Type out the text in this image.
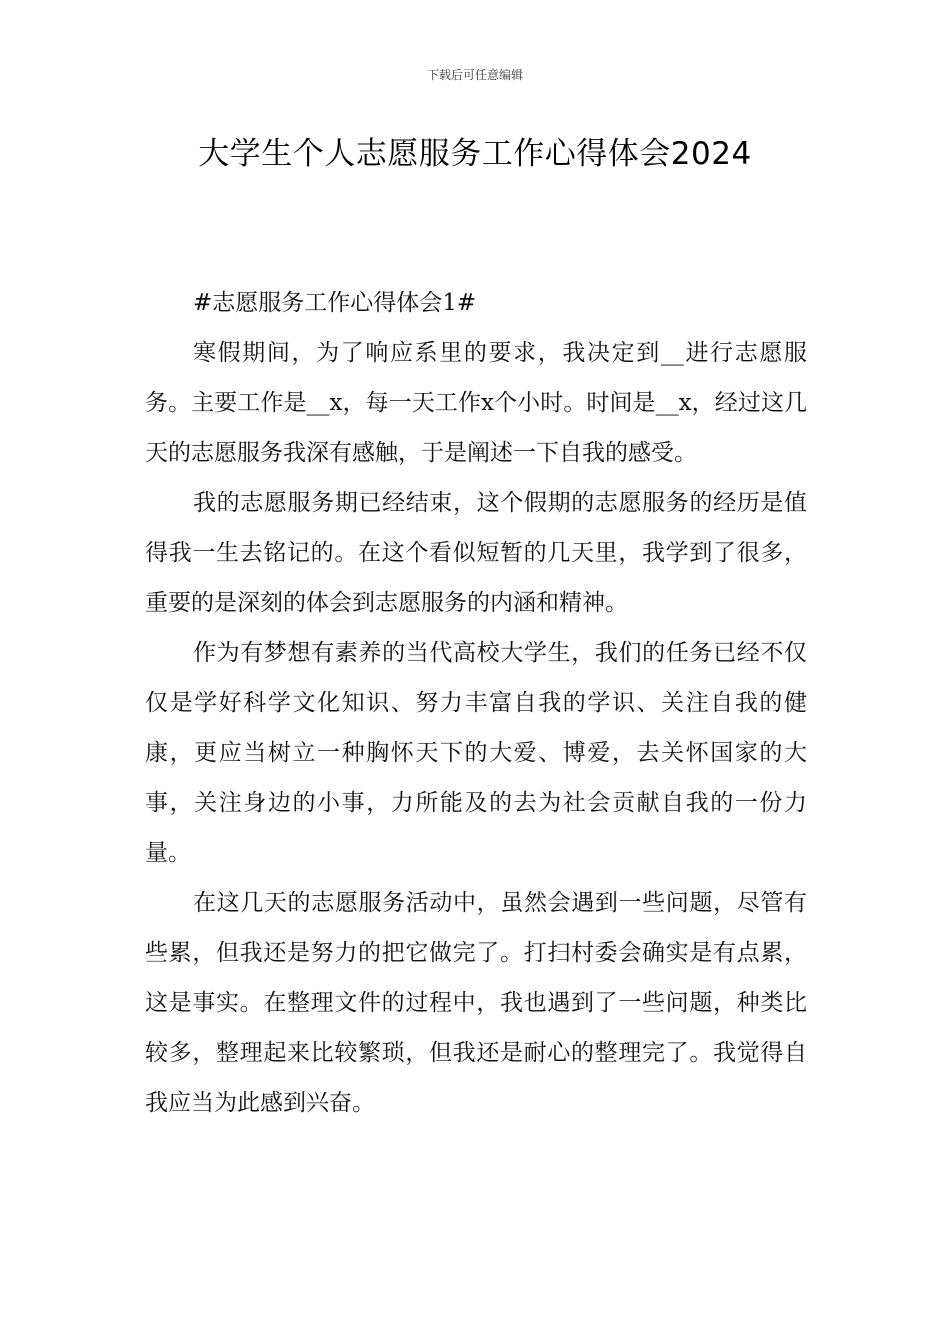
下载后可任意编辑
大学生个人志愿服务工作心得体会2024

#志愿服务工作心得体会1#

寒假期间，为了响应系里的要求，我决定到__进行志愿服务。主要工作是__x，每一天工作x个小时。时间是__x，经过这几天的志愿服务我深有感触，于是阐述一下自我的感受。

我的志愿服务期已经结束，这个假期的志愿服务的经历是值得我一生去铭记的。在这个看似短暂的几天里，我学到了很多，重要的是深刻的体会到志愿服务的内涵和精神。

作为有梦想有素养的当代高校大学生，我们的任务已经不仅仅是学好科学文化知识、努力丰富自我的学识、关注自我的健康，更应当树立一种胸怀天下的大爱、博爱，去关怀国家的大事，关注身边的小事，力所能及的去为社会贡献自我的一份力量。

在这几天的志愿服务活动中，虽然会遇到一些问题，尽管有些累，但我还是努力的把它做完了。打扫村委会确实是有点累，这是事实。在整理文件的过程中，我也遇到了一些问题，种类比较多，整理起来比较繁琐，但我还是耐心的整理完了。我觉得自我应当为此感到兴奋。
